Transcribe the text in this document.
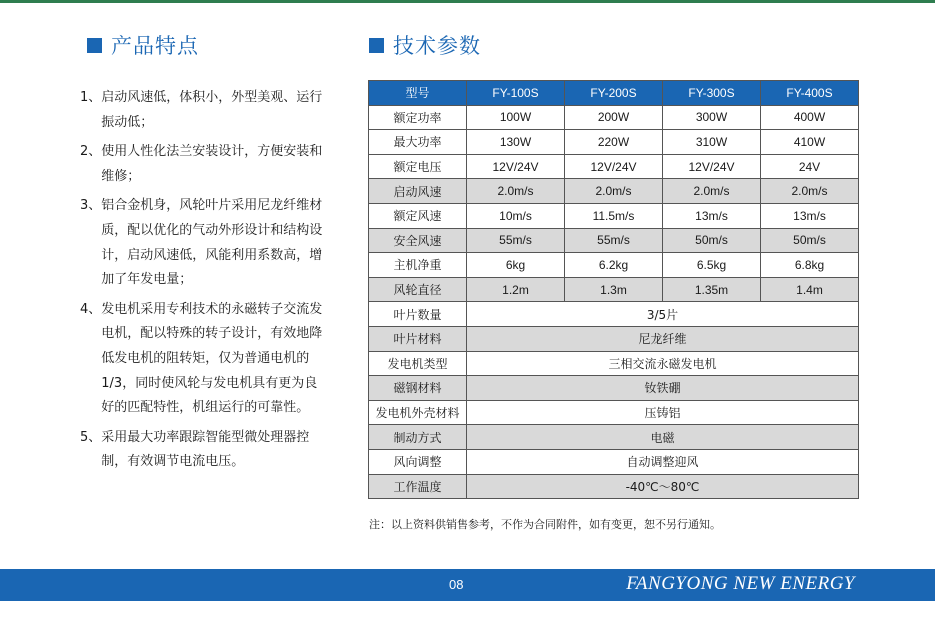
产品特点
1、 启动风速低，体积小，外型美观、运行振动低；
2、 使用人性化法兰安装设计，方便安装和维修；
3、 铝合金机身，风轮叶片采用尼龙纤维材质，配以优化的气动外形设计和结构设计，启动风速低，风能利用系数高，增加了年发电量；
4、 发电机采用专利技术的永磁转子交流发电机，配以特殊的转子设计，有效地降低发电机的阻转矩，仅为普通电机的1/3，同时使风轮与发电机具有更为良好的匹配特性，机组运行的可靠性。
5、 采用最大功率跟踪智能型微处理器控制，有效调节电流电压。
技术参数
型号	FY-100S	FY-200S	FY-300S	FY-400S
额定功率	100W	200W	300W	400W
最大功率	130W	220W	310W	410W
额定电压	12V/24V	12V/24V	12V/24V	24V
启动风速	2.0m/s	2.0m/s	2.0m/s	2.0m/s
额定风速	10m/s	11.5m/s	13m/s	13m/s
安全风速	55m/s	55m/s	50m/s	50m/s
主机净重	6kg	6.2kg	6.5kg	6.8kg
风轮直径	1.2m	1.3m	1.35m	1.4m
叶片数量	3/5片			
叶片材料	尼龙纤维			
发电机类型	三相交流永磁发电机			
磁钢材料	钕铁硼			
发电机外壳材料	压铸铝			
制动方式	电磁			
风向调整	自动调整迎风			
工作温度	-40℃～80℃			
注：以上资料供销售参考，不作为合同附件，如有变更，恕不另行通知。
08	FANGYONG NEW ENERGY
